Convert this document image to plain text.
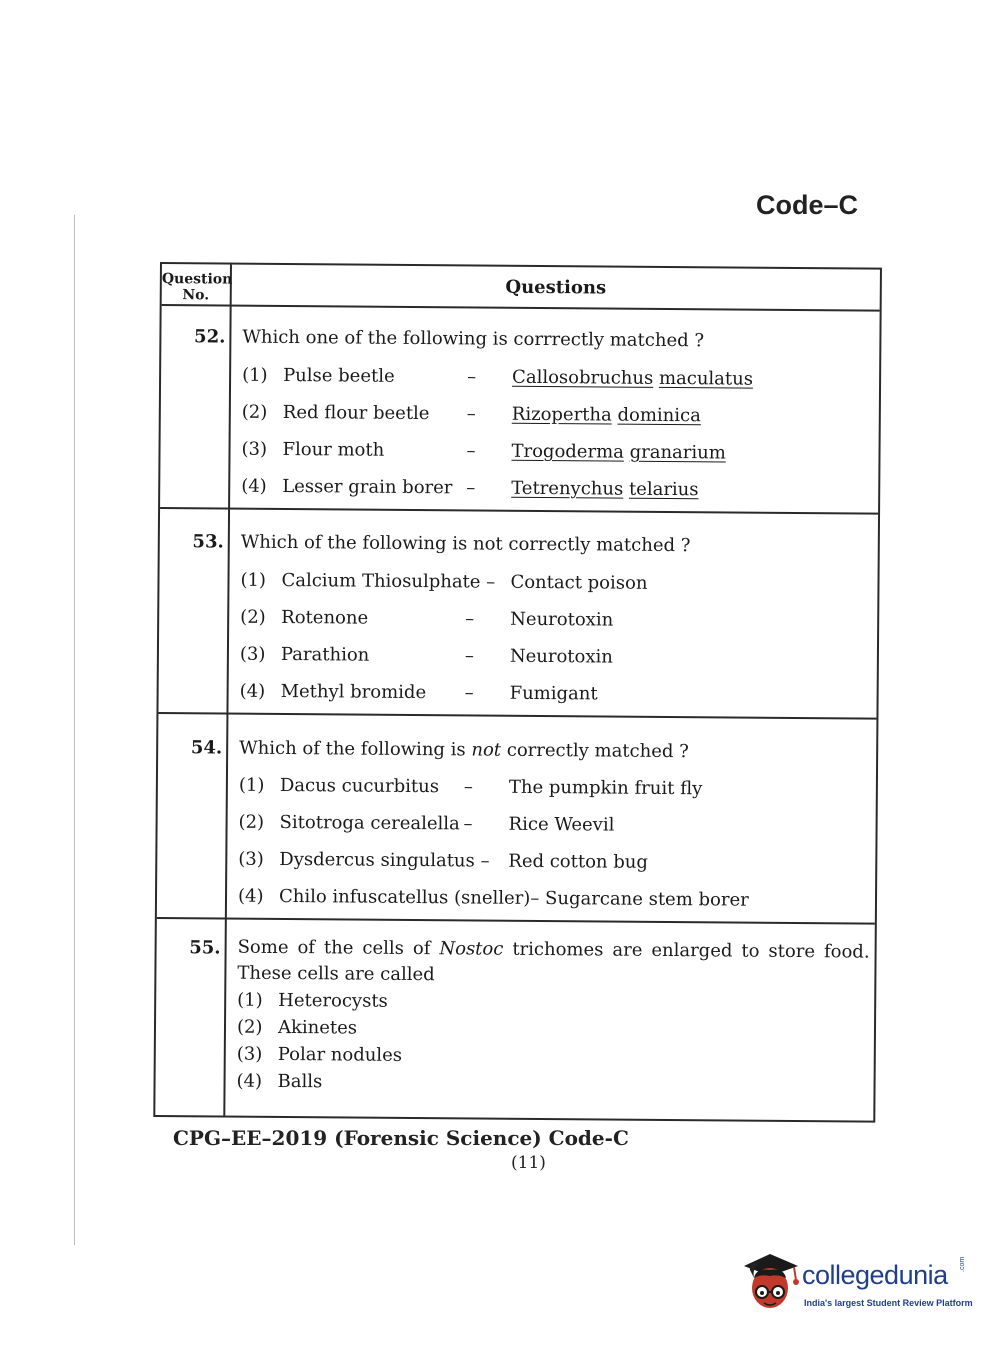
Code–C
Question No.	Questions
52. Which one of the following is corrrectly matched ?
(1) Pulse beetle	– Callosobruchus maculatus
(2) Red flour beetle – Rizopertha dominica
(3) Flour moth	– Trogoderma granarium
(4) Lesser grain borer – Tetrenychus telarius
53. Which of the following is not correctly matched ?
(1) Calcium Thiosulphate – Contact poison
(2) Rotenone	– Neurotoxin
(3) Parathion	– Neurotoxin
(4) Methyl bromide – Fumigant
54. Which of the following is not correctly matched ?
(1) Dacus cucurbitus – The pumpkin fruit fly
(2) Sitotroga cerealella – Rice Weevil
(3) Dysdercus singulatus – Red cotton bug
(4) Chilo infuscatellus (sneller)– Sugarcane stem borer
55. Some of the cells of Nostoc trichomes are enlarged to store food. These cells are called
(1) Heterocysts
(2) Akinetes
(3) Polar nodules
(4) Balls
CPG–EE–2019 (Forensic Science) Code-C
(11)
collegedunia .com
India's largest Student Review Platform
